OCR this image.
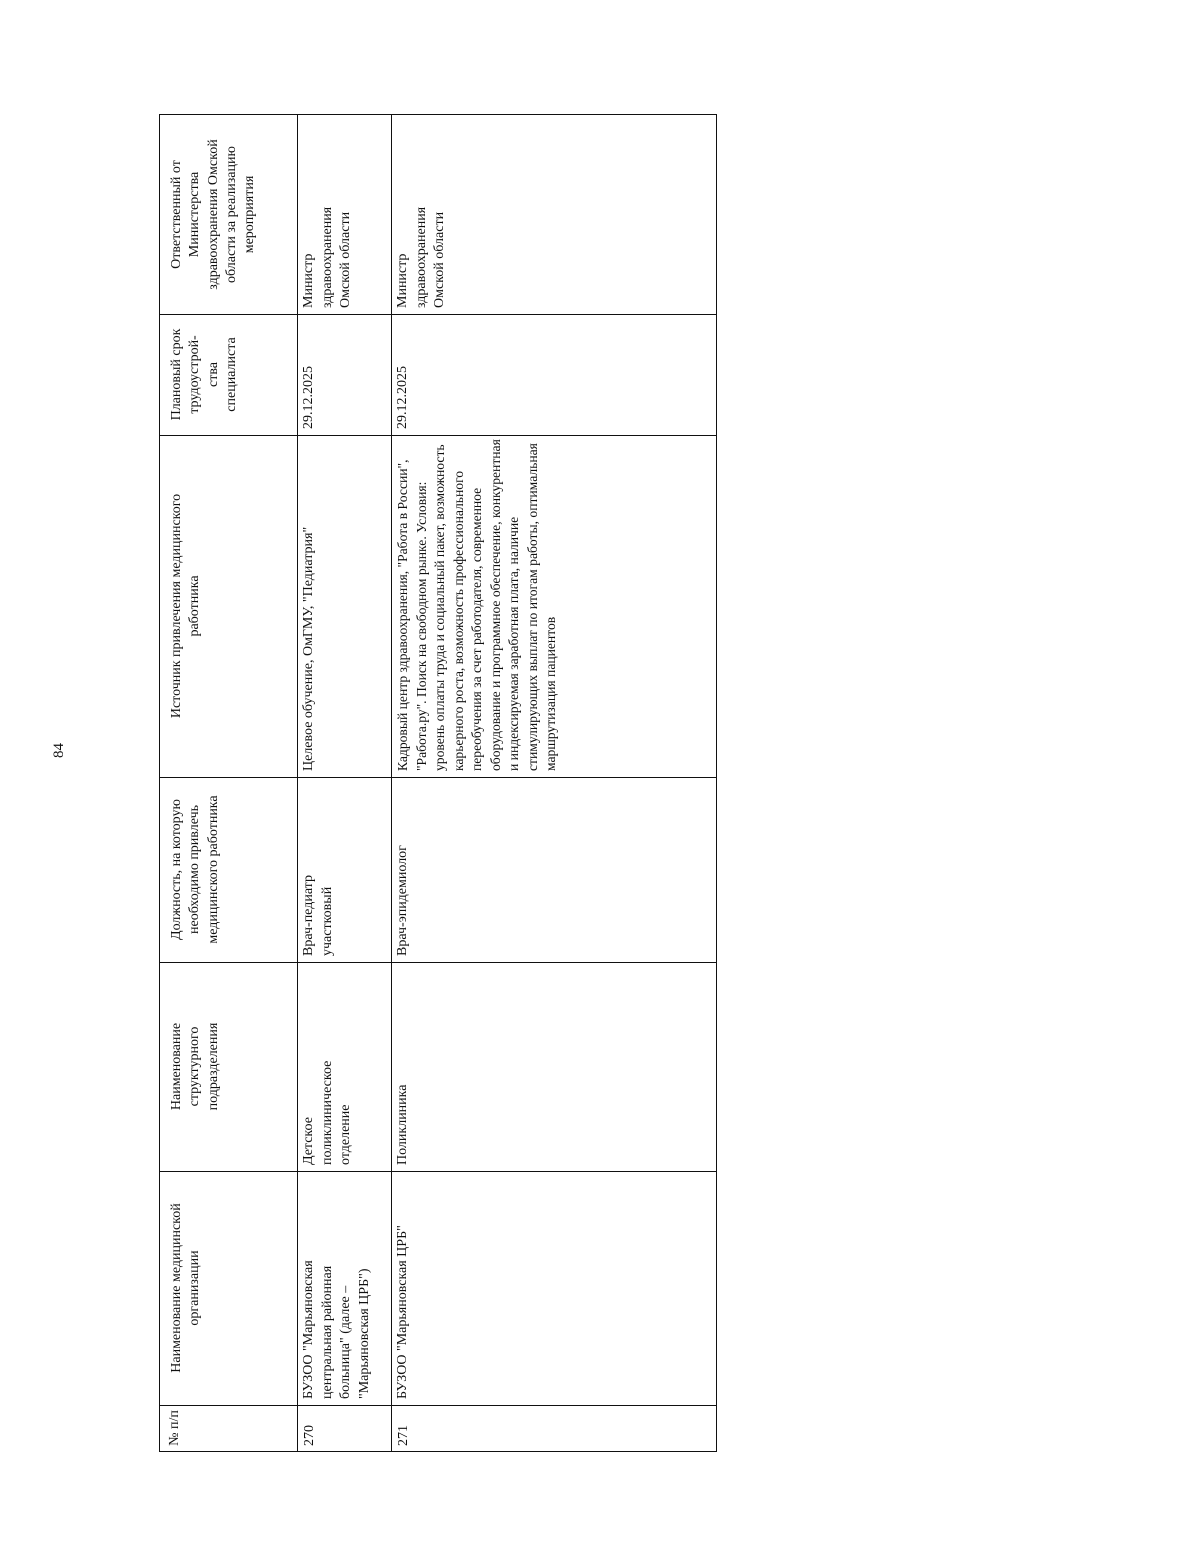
84
№ п/п
Наименование медицинской организации
Наименование структурного подразделения
Должность, на которую необходимо привлечь медицинского работника
Источник привлечения медицинского работника
Плановый срок трудоустрой-ства специалиста
Ответственный от Министерства здравоохранения Омской области за реализацию мероприятия
270
БУЗОО "Марьяновская центральная районная больница" (далее – "Марьяновская ЦРБ")
Детское поликлиническое отделение
Врач-педиатр участковый
Целевое обучение, ОмГМУ, "Педиатрия"
29.12.2025
Министр здравоохранения Омской области
271
БУЗОО "Марьяновская ЦРБ"
Поликлиника
Врач-эпидемиолог
Кадровый центр здравоохранения, "Работа в России", "Работа.ру". Поиск на свободном рынке. Условия: уровень оплаты труда и социальный пакет, возможность карьерного роста, возможность профессионального переобучения за счет работодателя, современное оборудование и программное обеспечение, конкурентная и индексируемая заработная плата, наличие стимулирующих выплат по итогам работы, оптимальная маршрутизация пациентов
29.12.2025
Министр здравоохранения Омской области
